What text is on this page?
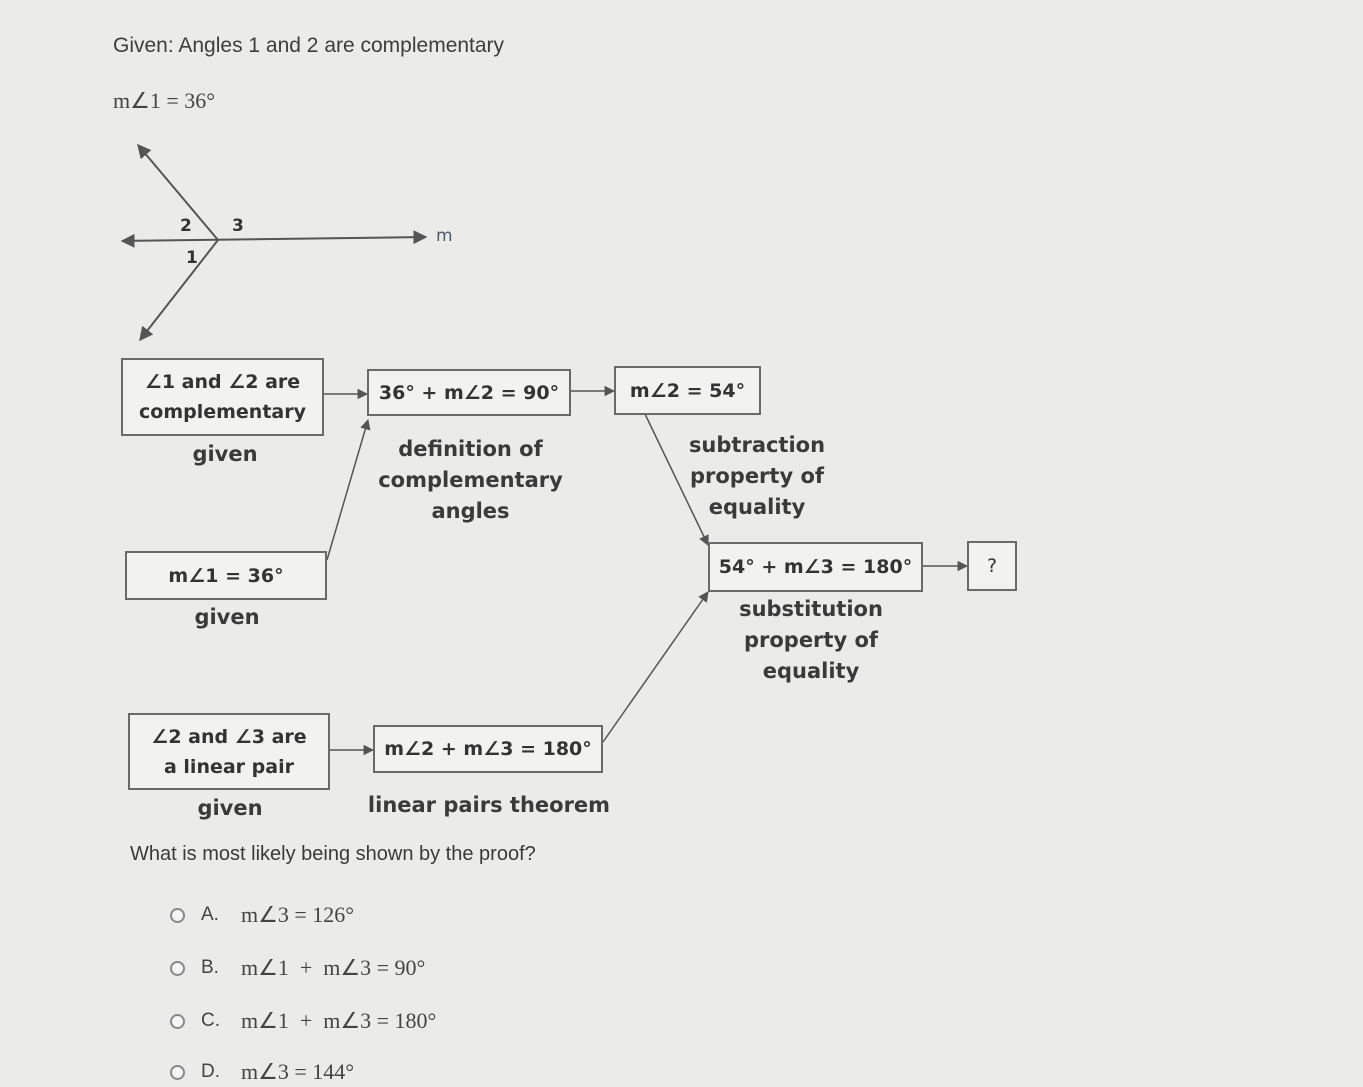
Given: Angles 1 and 2 are complementary
m∠1 = 36°
2 3
1
m
∠1 and ∠2 are
complementary
36° + m∠2 = 90°	m∠2 = 54°
m∠1 = 36°	54° + m∠3 = 180°	?
∠2 and ∠3 are
a linear pair
m∠2 + m∠3 = 180°
given	definition of
complementary
angles
subtraction
property of
equality
given	substitution
property of
equality
given	linear pairs theorem
What is most likely being shown by the proof?
A.	m∠3 = 126°
B.	m∠1  +  m∠3 = 90°
C. m∠1  +  m∠3 = 180°
D. m∠3 = 144°
